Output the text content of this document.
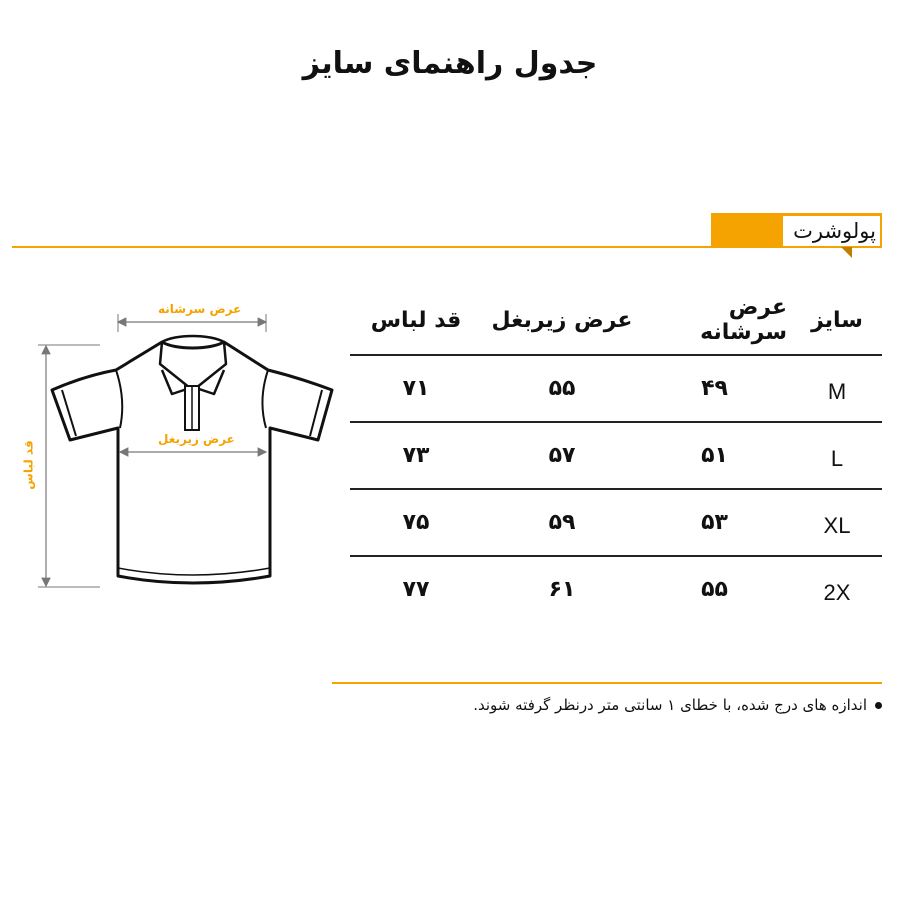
جدول راهنمای سایز
پولوشرت
عرض سرشانه
عرض زیربغل
قد لباس
سایز
عرض سرشانه
عرض زیربغل
قد لباس
M
۴۹
۵۵
۷۱
L
۵۱
۵۷
۷۳
XL
۵۳
۵۹
۷۵
2X
۵۵
۶۱
۷۷
اندازه های درج شده، با خطای ۱ سانتی متر درنظر گرفته شوند.
